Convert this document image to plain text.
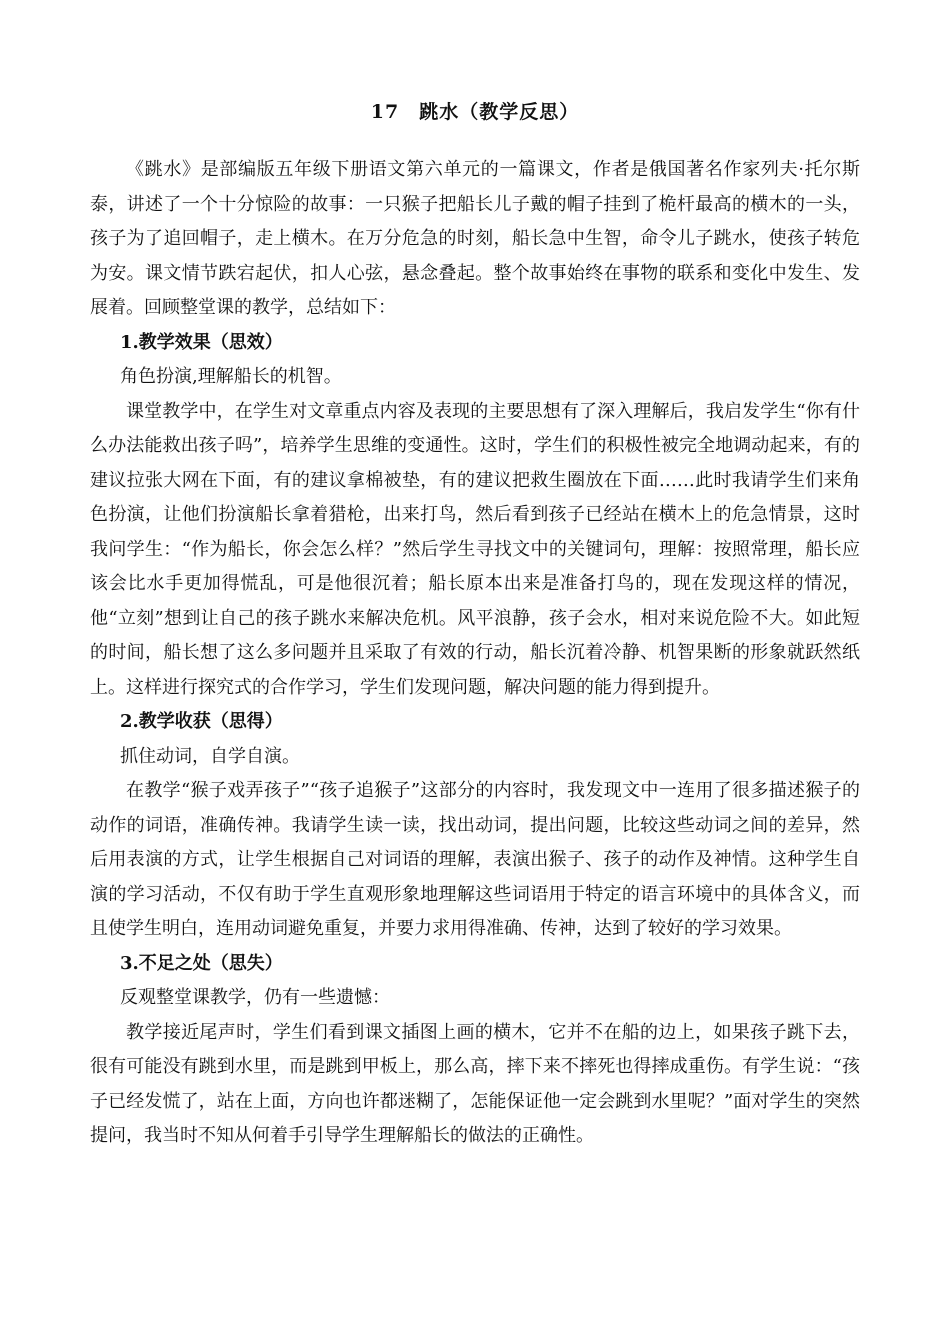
17　跳水（教学反思）

《跳水》是部编版五年级下册语文第六单元的一篇课文，作者是俄国著名作家列夫·托尔斯泰，讲述了一个十分惊险的故事：一只猴子把船长儿子戴的帽子挂到了桅杆最高的横木的一头，孩子为了追回帽子，走上横木。在万分危急的时刻，船长急中生智，命令儿子跳水，使孩子转危为安。课文情节跌宕起伏，扣人心弦，悬念叠起。整个故事始终在事物的联系和变化中发生、发展着。回顾整堂课的教学，总结如下：

1.教学效果（思效）

角色扮演,理解船长的机智。

课堂教学中，在学生对文章重点内容及表现的主要思想有了深入理解后，我启发学生“你有什么办法能救出孩子吗”，培养学生思维的变通性。这时，学生们的积极性被完全地调动起来，有的建议拉张大网在下面，有的建议拿棉被垫，有的建议把救生圈放在下面……此时我请学生们来角色扮演，让他们扮演船长拿着猎枪，出来打鸟，然后看到孩子已经站在横木上的危急情景，这时我问学生：“作为船长，你会怎么样？”然后学生寻找文中的关键词句，理解：按照常理，船长应该会比水手更加得慌乱，可是他很沉着；船长原本出来是准备打鸟的，现在发现这样的情况，他“立刻”想到让自己的孩子跳水来解决危机。风平浪静，孩子会水，相对来说危险不大。如此短的时间，船长想了这么多问题并且采取了有效的行动，船长沉着冷静、机智果断的形象就跃然纸上。这样进行探究式的合作学习，学生们发现问题，解决问题的能力得到提升。

2.教学收获（思得）

抓住动词，自学自演。

在教学“猴子戏弄孩子”“孩子追猴子”这部分的内容时，我发现文中一连用了很多描述猴子的动作的词语，准确传神。我请学生读一读，找出动词，提出问题，比较这些动词之间的差异，然后用表演的方式，让学生根据自己对词语的理解，表演出猴子、孩子的动作及神情。这种学生自演的学习活动，不仅有助于学生直观形象地理解这些词语用于特定的语言环境中的具体含义，而且使学生明白，连用动词避免重复，并要力求用得准确、传神，达到了较好的学习效果。

3.不足之处（思失）

反观整堂课教学，仍有一些遗憾：

教学接近尾声时，学生们看到课文插图上画的横木，它并不在船的边上，如果孩子跳下去，很有可能没有跳到水里，而是跳到甲板上，那么高，摔下来不摔死也得摔成重伤。有学生说：“孩子已经发慌了，站在上面，方向也许都迷糊了，怎能保证他一定会跳到水里呢？”面对学生的突然提问，我当时不知从何着手引导学生理解船长的做法的正确性。
